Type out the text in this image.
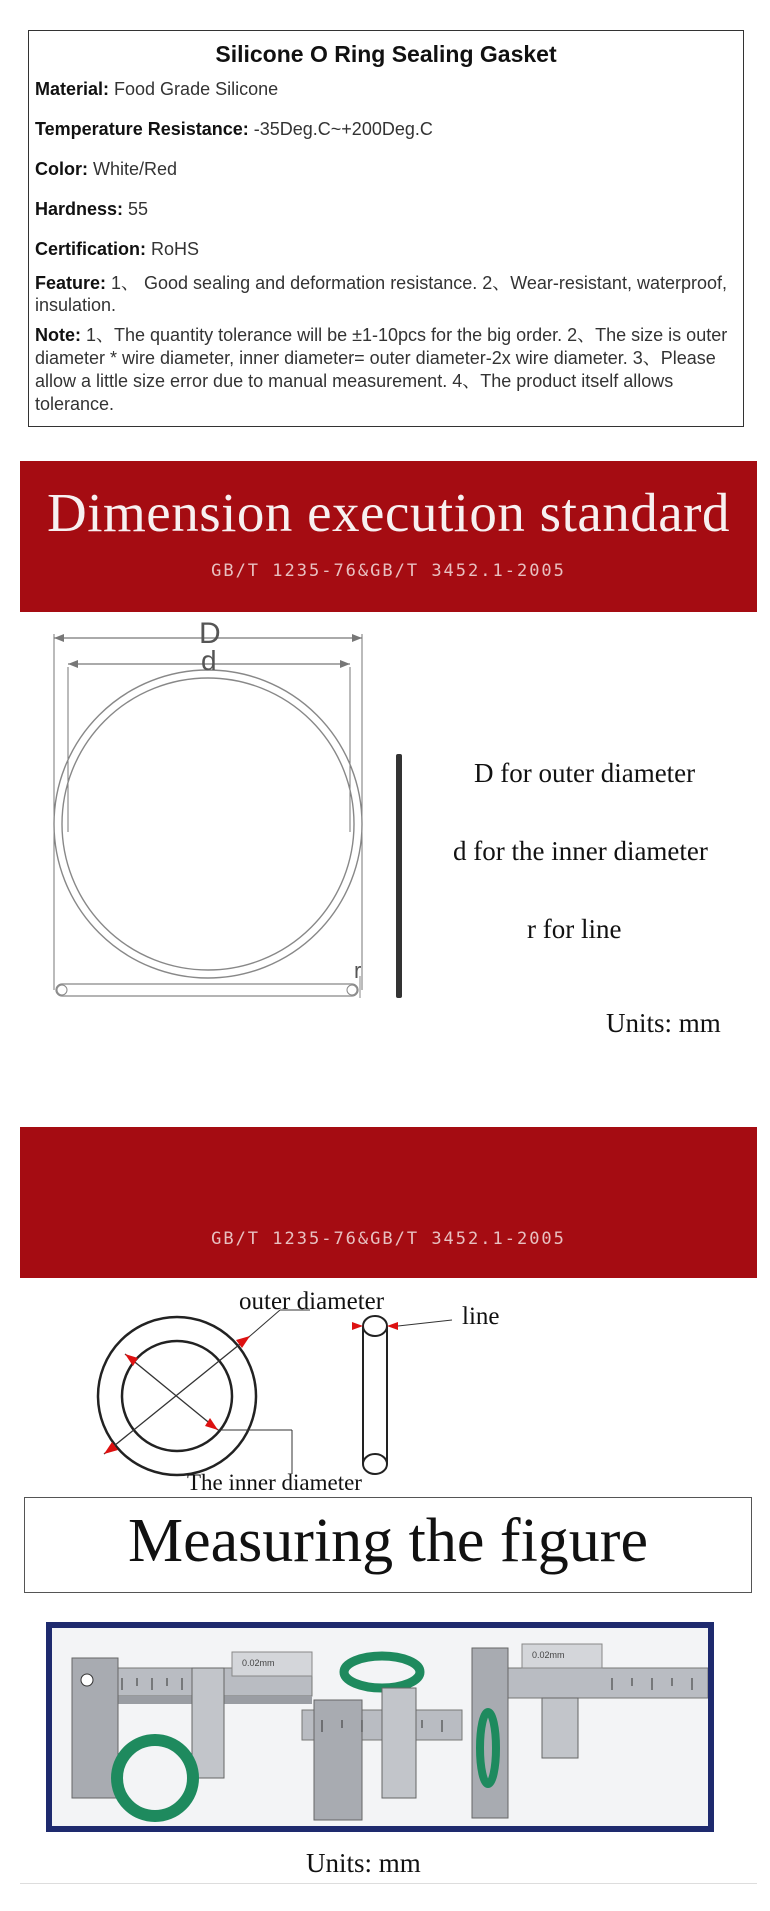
Silicone O Ring Sealing Gasket
Material: Food Grade Silicone
Temperature Resistance: -35Deg.C~+200Deg.C
Color: White/Red
Hardness: 55
Certification: RoHS
Feature: 1、 Good sealing and deformation resistance. 2、Wear-resistant, waterproof, insulation.
Note: 1、The quantity tolerance will be ±1-10pcs for the big order. 2、The size is outer diameter * wire diameter, inner diameter= outer diameter-2x wire diameter. 3、Please allow a little size error due to manual measurement. 4、The product itself allows tolerance.
Dimension execution standard
GB/T 1235-76&GB/T 3452.1-2005
D
d
r
D for outer diameter
d for the inner diameter
r for line
Units: mm
GB/T 1235-76&GB/T 3452.1-2005
outer diameter
The inner diameter
line
Measuring the figure
0.02mm
0.02mm
Units: mm
